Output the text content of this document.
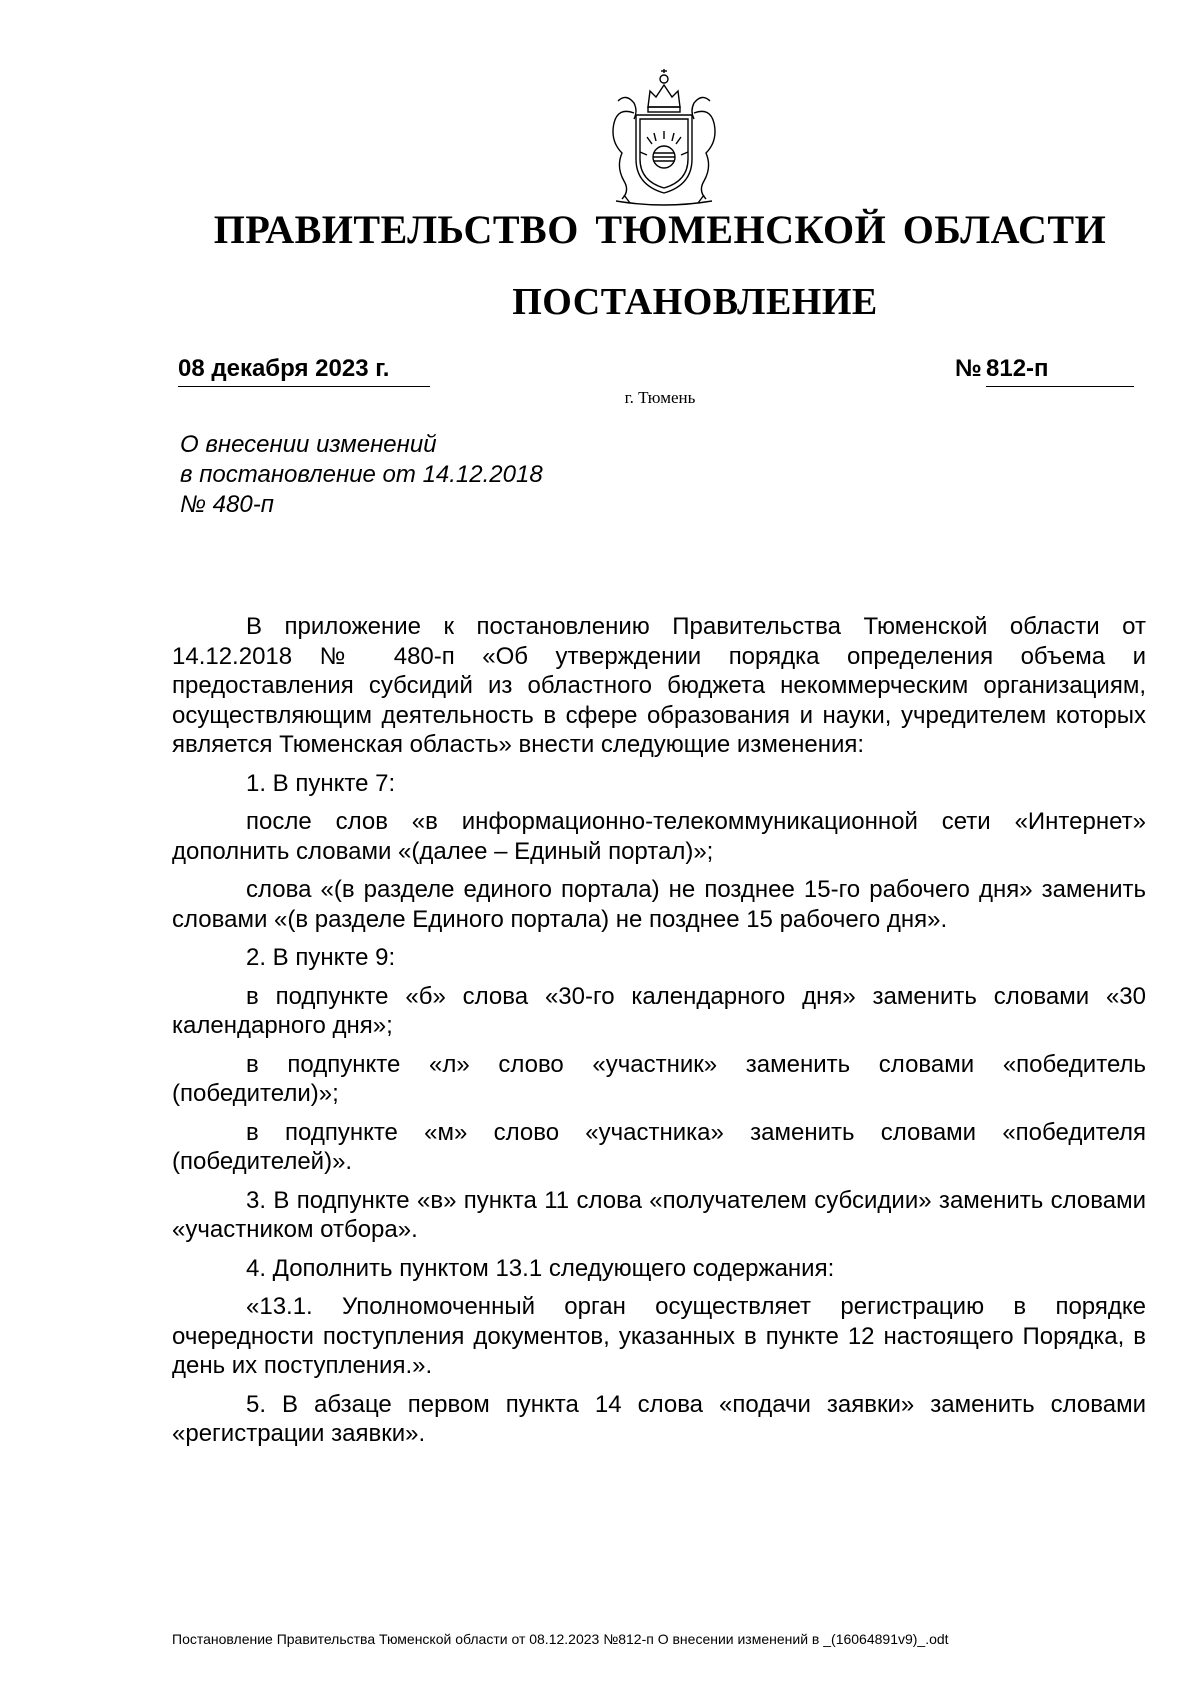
ПРАВИТЕЛЬСТВО ТЮМЕНСКОЙ ОБЛАСТИ
ПОСТАНОВЛЕНИЕ
08 декабря 2023 г.	№ 812-п
г. Тюмень
О внесении изменений
в постановление от 14.12.2018
№ 480-п

В приложение к постановлению Правительства Тюменской области от 14.12.2018 № 480-п «Об утверждении порядка определения объема и предоставления субсидий из областного бюджета некоммерческим организациям, осуществляющим деятельность в сфере образования и науки, учредителем которых является Тюменская область» внести следующие изменения:

1. В пункте 7:

после слов «в информационно-телекоммуникационной сети «Интернет» дополнить словами «(далее – Единый портал)»;

слова «(в разделе единого портала) не позднее 15-го рабочего дня» заменить словами «(в разделе Единого портала) не позднее 15 рабочего дня».

2. В пункте 9:

в подпункте «б» слова «30-го календарного дня» заменить словами «30 календарного дня»;

в подпункте «л» слово «участник» заменить словами «победитель (победители)»;

в подпункте «м» слово «участника» заменить словами «победителя (победителей)».

3. В подпункте «в» пункта 11 слова «получателем субсидии» заменить словами «участником отбора».

4. Дополнить пунктом 13.1 следующего содержания:

«13.1. Уполномоченный орган осуществляет регистрацию в порядке очередности поступления документов, указанных в пункте 12 настоящего Порядка, в день их поступления.».

5. В абзаце первом пункта 14 слова «подачи заявки» заменить словами «регистрации заявки».

Постановление Правительства Тюменской области от 08.12.2023 №812-п О внесении изменений в _(16064891v9)_.odt
